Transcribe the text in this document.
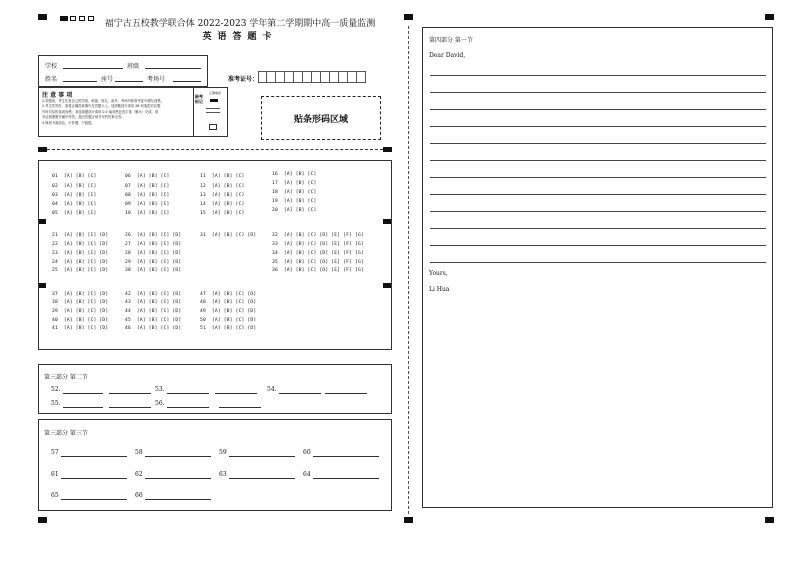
福宁古五校教学联合体 2022-2023 学年第二学期期中高一质量监测
英语答题卡
学校	班级
姓名	座号	考场号	准考证号：
注 意 事 项
1.答题前，考生先将自己的学校、班级、姓名、座号、考场号和准考证号填写清楚。
2.考生作答时，请将正确答案填写在答题卡上。选择题部分请用 2B 铅笔把对应题
号所对应的选项涂黑；非选择题部分请用 0.5 毫米黑色签字笔（墨水）完成，请
务必按照题号顺序作答，超出答题区域书写的答案无效。
3.保持卡面清洁，不折叠，不破损。
缺考标记
正确填涂
贴条形码区域
01 [A] [B] [C]
02 [A] [B] [C]
03 [A] [B] [C]
04 [A] [B] [C]
05 [A] [B] [C]
06 [A] [B] [C]
07 [A] [B] [C]
08 [A] [B] [C]
09 [A] [B] [C]
10 [A] [B] [C]
11 [A] [B] [C]
12 [A] [B] [C]
13 [A] [B] [C]
14 [A] [B] [C]
15 [A] [B] [C]
16 [A] [B] [C]
17 [A] [B] [C]
18 [A] [B] [C]
19 [A] [B] [C]
20 [A] [B] [C]
21 [A] [B] [C] [D]
22 [A] [B] [C] [D]
23 [A] [B] [C] [D]
24 [A] [B] [C] [D]
25 [A] [B] [C] [D]
26 [A] [B] [C] [D]
27 [A] [B] [C] [D]
28 [A] [B] [C] [D]
29 [A] [B] [C] [D]
30 [A] [B] [C] [D]
31 [A] [B] [C] [D]	32 [A] [B] [C] [D] [E] [F] [G]
33 [A] [B] [C] [D] [E] [F] [G]
34 [A] [B] [C] [D] [E] [F] [G]
35 [A] [B] [C] [D] [E] [F] [G]
36 [A] [B] [C] [D] [E] [F] [G]
37 [A] [B] [C] [D]
38 [A] [B] [C] [D]
39 [A] [B] [C] [D]
40 [A] [B] [C] [D]
41 [A] [B] [C] [D]
42 [A] [B] [C] [D]
43 [A] [B] [C] [D]
44 [A] [B] [C] [D]
45 [A] [B] [C] [D]
46 [A] [B] [C] [D]
47 [A] [B] [C] [D]
48 [A] [B] [C] [D]
49 [A] [B] [C] [D]
50 [A] [B] [C] [D]
51 [A] [B] [C] [D]
第三部分 第二节
52.	53.	54.
55.	56.
第三部分 第三节
57	58	59	60
61	62	63	64
65	66
第四部分 第一节
Dear David,
Yours,
Li Hua
